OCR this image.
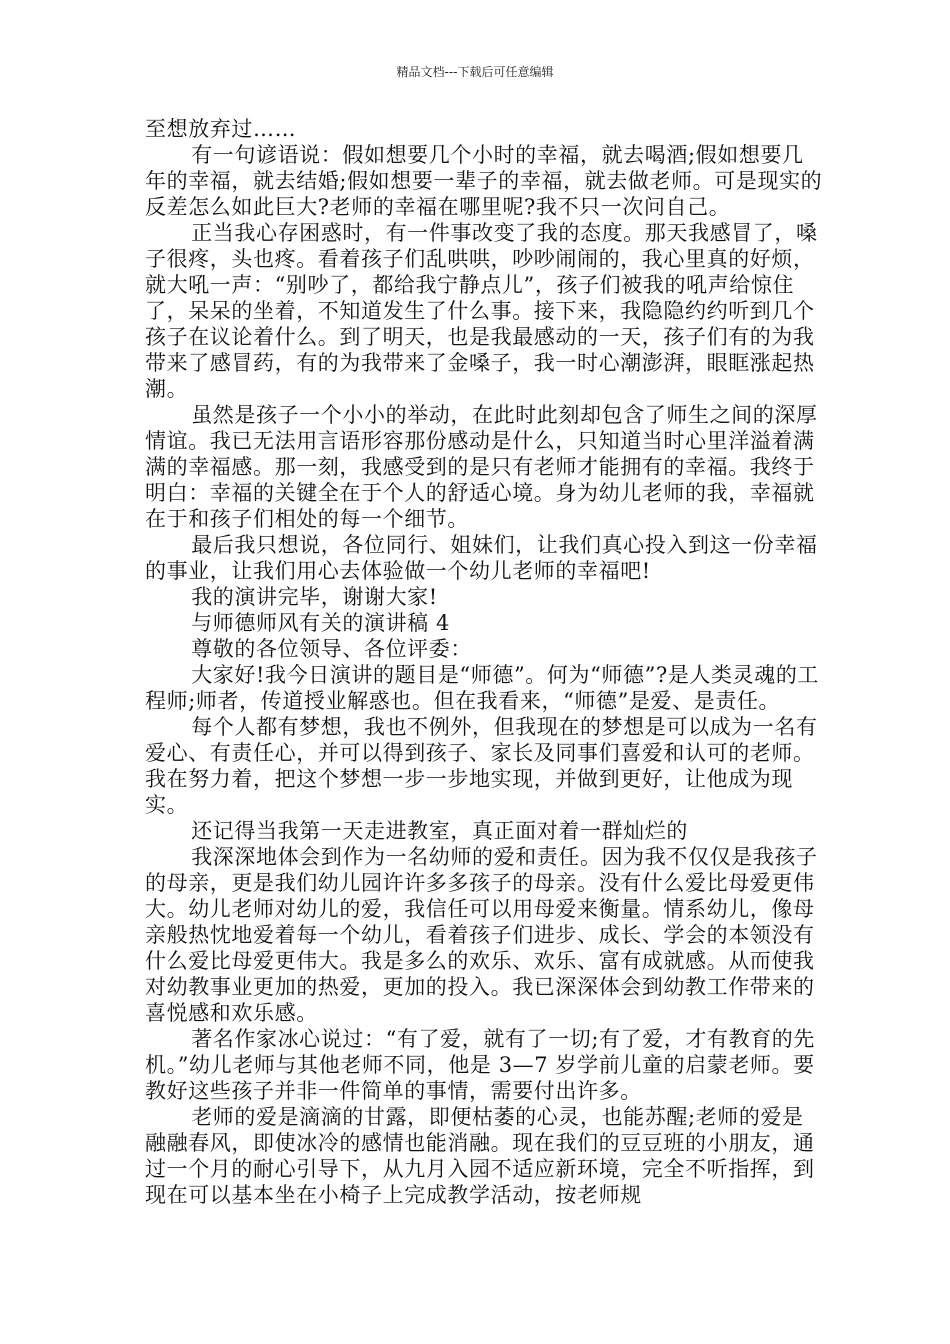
精品文档---下载后可任意编辑

至想放弃过……

有一句谚语说：假如想要几个小时的幸福，就去喝酒;假如想要几年的幸福，就去结婚;假如想要一辈子的幸福，就去做老师。可是现实的反差怎么如此巨大?老师的幸福在哪里呢?我不只一次问自己。

正当我心存困惑时，有一件事改变了我的态度。那天我感冒了，嗓子很疼，头也疼。看着孩子们乱哄哄，吵吵闹闹的，我心里真的好烦，就大吼一声：“别吵了，都给我宁静点儿”，孩子们被我的吼声给惊住了，呆呆的坐着，不知道发生了什么事。接下来，我隐隐约约听到几个孩子在议论着什么。到了明天，也是我最感动的一天，孩子们有的为我带来了感冒药，有的为我带来了金嗓子，我一时心潮澎湃，眼眶涨起热潮。

虽然是孩子一个小小的举动，在此时此刻却包含了师生之间的深厚情谊。我已无法用言语形容那份感动是什么，只知道当时心里洋溢着满满的幸福感。那一刻，我感受到的是只有老师才能拥有的幸福。我终于明白：幸福的关键全在于个人的舒适心境。身为幼儿老师的我，幸福就在于和孩子们相处的每一个细节。

最后我只想说，各位同行、姐妹们，让我们真心投入到这一份幸福的事业，让我们用心去体验做一个幼儿老师的幸福吧!

我的演讲完毕，谢谢大家!

与师德师风有关的演讲稿 4

尊敬的各位领导、各位评委：

大家好!我今日演讲的题目是“师德”。何为“师德”?是人类灵魂的工程师;师者，传道授业解惑也。但在我看来，“师德”是爱、是责任。

每个人都有梦想，我也不例外，但我现在的梦想是可以成为一名有爱心、有责任心，并可以得到孩子、家长及同事们喜爱和认可的老师。我在努力着，把这个梦想一步一步地实现，并做到更好，让他成为现实。

还记得当我第一天走进教室，真正面对着一群灿烂的

我深深地体会到作为一名幼师的爱和责任。因为我不仅仅是我孩子的母亲，更是我们幼儿园许许多多孩子的母亲。没有什么爱比母爱更伟大。幼儿老师对幼儿的爱，我信任可以用母爱来衡量。情系幼儿，像母亲般热忱地爱着每一个幼儿，看着孩子们进步、成长、学会的本领没有什么爱比母爱更伟大。我是多么的欢乐、欢乐、富有成就感。从而使我对幼教事业更加的热爱，更加的投入。我已深深体会到幼教工作带来的喜悦感和欢乐感。

著名作家冰心说过：“有了爱，就有了一切;有了爱，才有教育的先机。”幼儿老师与其他老师不同，他是 3—7 岁学前儿童的启蒙老师。要教好这些孩子并非一件简单的事情，需要付出许多。

老师的爱是滴滴的甘露，即便枯萎的心灵，也能苏醒;老师的爱是融融春风，即使冰冷的感情也能消融。现在我们的豆豆班的小朋友，通过一个月的耐心引导下，从九月入园不适应新环境，完全不听指挥，到现在可以基本坐在小椅子上完成教学活动，按老师规
